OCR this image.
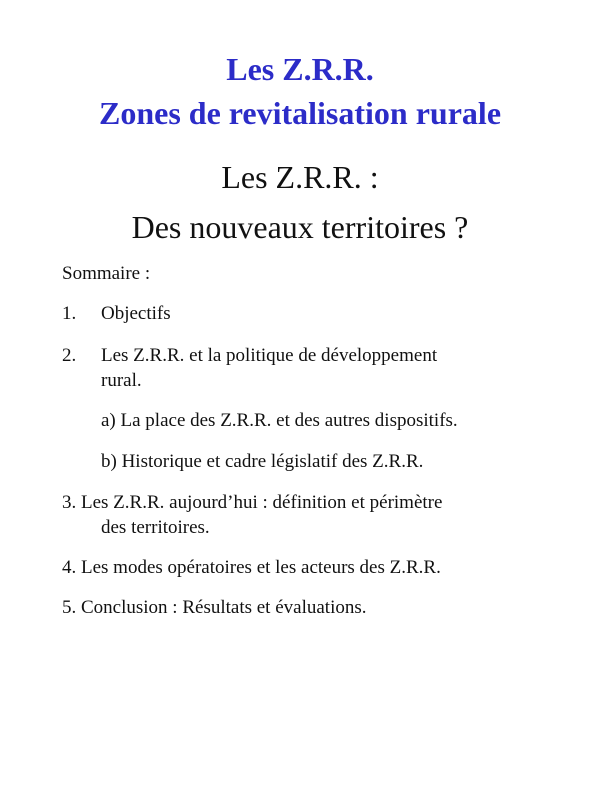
Les Z.R.R.
Zones de revitalisation rurale
Les Z.R.R. :
Des nouveaux territoires ?
Sommaire :
1. Objectifs
2. Les Z.R.R. et la politique de développement
rural.
a) La place des Z.R.R. et des autres dispositifs.
b) Historique et cadre législatif des Z.R.R.
3. Les Z.R.R. aujourd’hui : définition et périmètre
des territoires.
4. Les modes opératoires et les acteurs des Z.R.R.
5. Conclusion : Résultats et évaluations.
